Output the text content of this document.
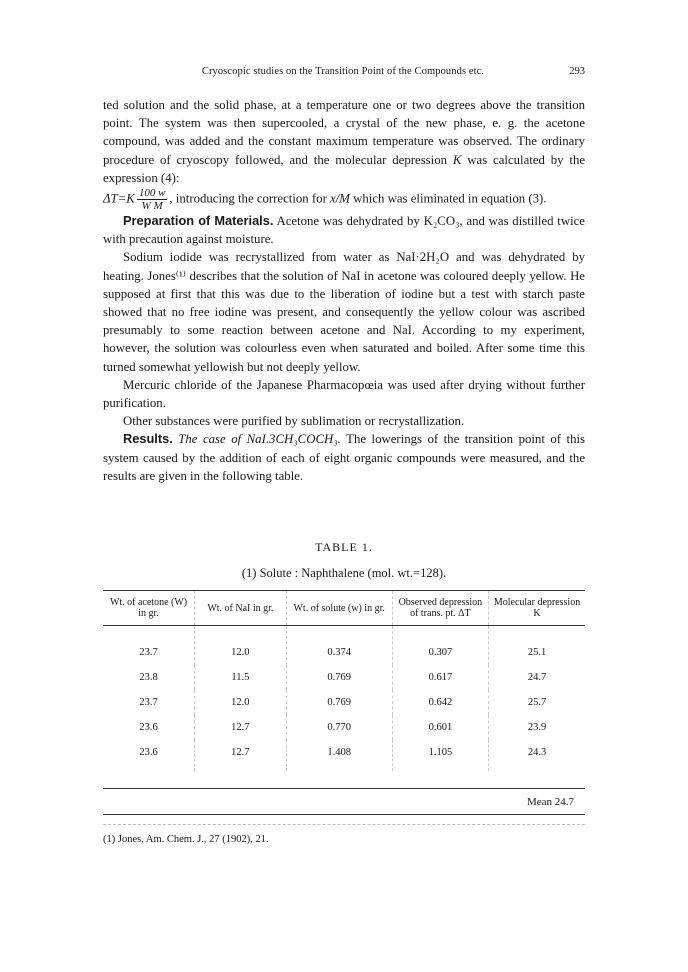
Cryoscopic studies on the Transition Point of the Compounds etc.	293

ted solution and the solid phase, at a temperature one or two degrees above the transition point. The system was then supercooled, a crystal of the new phase, e. g. the acetone compound, was added and the constant maximum temperature was observed. The ordinary procedure of cryoscopy followed, and the molecular depression K was calculated by the expression (4):
$\Delta T=K \frac{100 w}{\text{W M}}$ , introducing the correction for x/M which was eliminated in equation (3).

Preparation of Materials. Acetone was dehydrated by K₂CO₃, and was distilled twice with precaution against moisture.

Sodium iodide was recrystallized from water as NaI·2H₂O and was dehydrated by heating. Jones⁽¹⁾ describes that the solution of NaI in acetone was coloured deeply yellow. He supposed at first that this was due to the liberation of iodine but a test with starch paste showed that no free iodine was present, and consequently the yellow colour was ascribed presumably to some reaction between acetone and NaI. According to my experiment, however, the solution was colourless even when saturated and boiled. After some time this turned somewhat yellowish but not deeply yellow.

Mercuric chloride of the Japanese Pharmacopœia was used after drying without further purification.

Other substances were purified by sublimation or recrystallization.

Results. The case of NaI.3CH₃COCH₃. The lowerings of the transition point of this system caused by the addition of each of eight organic compounds were measured, and the results are given in the following table.

TABLE 1.
(1) Solute : Naphthalene (mol. wt.=128).
Wt. of acetone (W) in gr.	Wt. of NaI in gr.	Wt. of solute (w) in gr.	Observed depression of trans. pt. ΔT	Molecular depression K
23.7	12.0	0.374	0.307	25.1
23.8	11.5	0.769	0.617	24.7
23.7	12.0	0.769	0.642	25.7
23.6	12.7	0.770	0.601	23.9
23.6	12.7	1.408	1.105	24.3
Mean 24.7
(1) Jones, Am. Chem. J., 27 (1902), 21.
